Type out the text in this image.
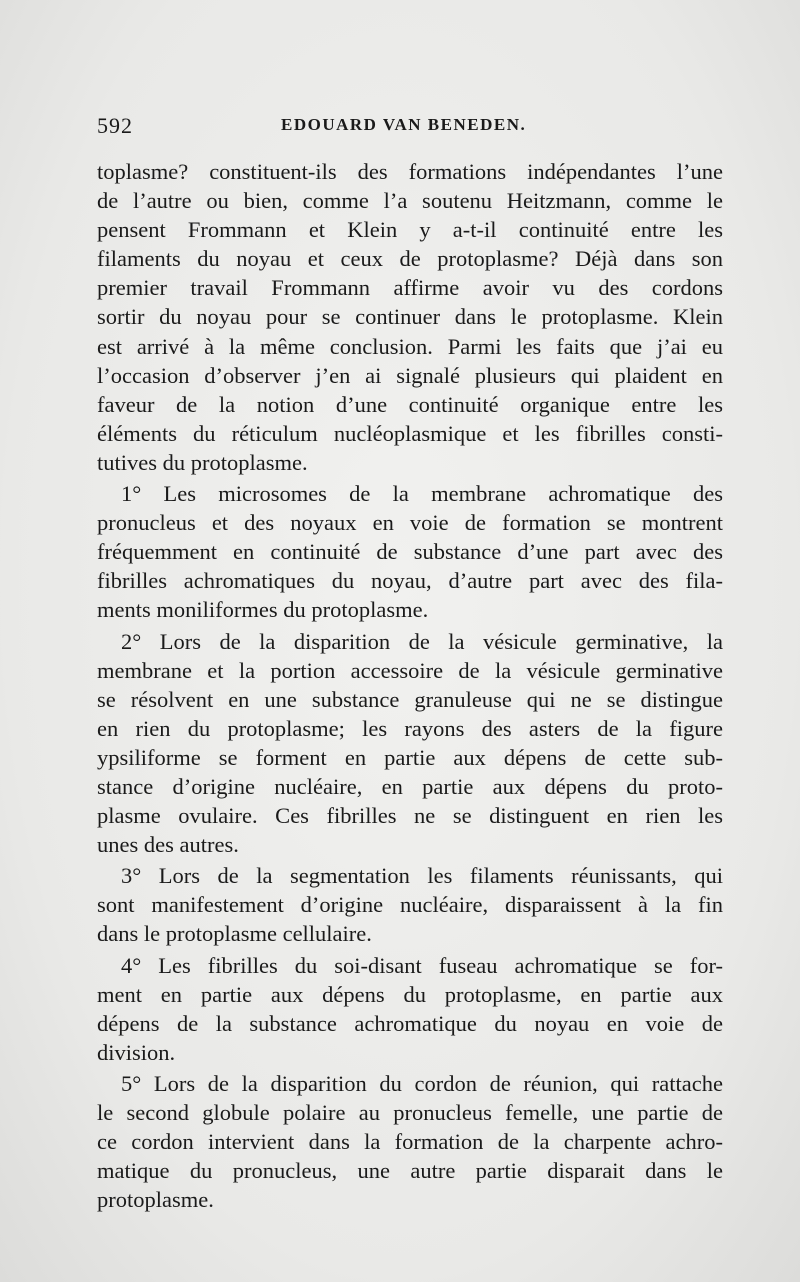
592	EDOUARD VAN BENEDEN.
toplasme? constituent-ils des formations indépendantes l’une
de l’autre ou bien, comme l’a soutenu Heitzmann, comme le
pensent Frommann et Klein y a-t-il continuité entre les
filaments du noyau et ceux de protoplasme? Déjà dans son
premier travail Frommann affirme avoir vu des cordons
sortir du noyau pour se continuer dans le protoplasme. Klein
est arrivé à la même conclusion. Parmi les faits que j’ai eu
l’occasion d’observer j’en ai signalé plusieurs qui plaident en
faveur de la notion d’une continuité organique entre les
éléments du réticulum nucléoplasmique et les fibrilles consti-
tutives du protoplasme.
1° Les microsomes de la membrane achromatique des
pronucleus et des noyaux en voie de formation se montrent
fréquemment en continuité de substance d’une part avec des
fibrilles achromatiques du noyau, d’autre part avec des fila-
ments moniliformes du protoplasme.
2° Lors de la disparition de la vésicule germinative, la
membrane et la portion accessoire de la vésicule germinative
se résolvent en une substance granuleuse qui ne se distingue
en rien du protoplasme; les rayons des asters de la figure
ypsiliforme se forment en partie aux dépens de cette sub-
stance d’origine nucléaire, en partie aux dépens du proto-
plasme ovulaire. Ces fibrilles ne se distinguent en rien les
unes des autres.
3° Lors de la segmentation les filaments réunissants, qui
sont manifestement d’origine nucléaire, disparaissent à la fin
dans le protoplasme cellulaire.
4° Les fibrilles du soi-disant fuseau achromatique se for-
ment en partie aux dépens du protoplasme, en partie aux
dépens de la substance achromatique du noyau en voie de
division.
5° Lors de la disparition du cordon de réunion, qui rattache
le second globule polaire au pronucleus femelle, une partie de
ce cordon intervient dans la formation de la charpente achro-
matique du pronucleus, une autre partie disparait dans le
protoplasme.
